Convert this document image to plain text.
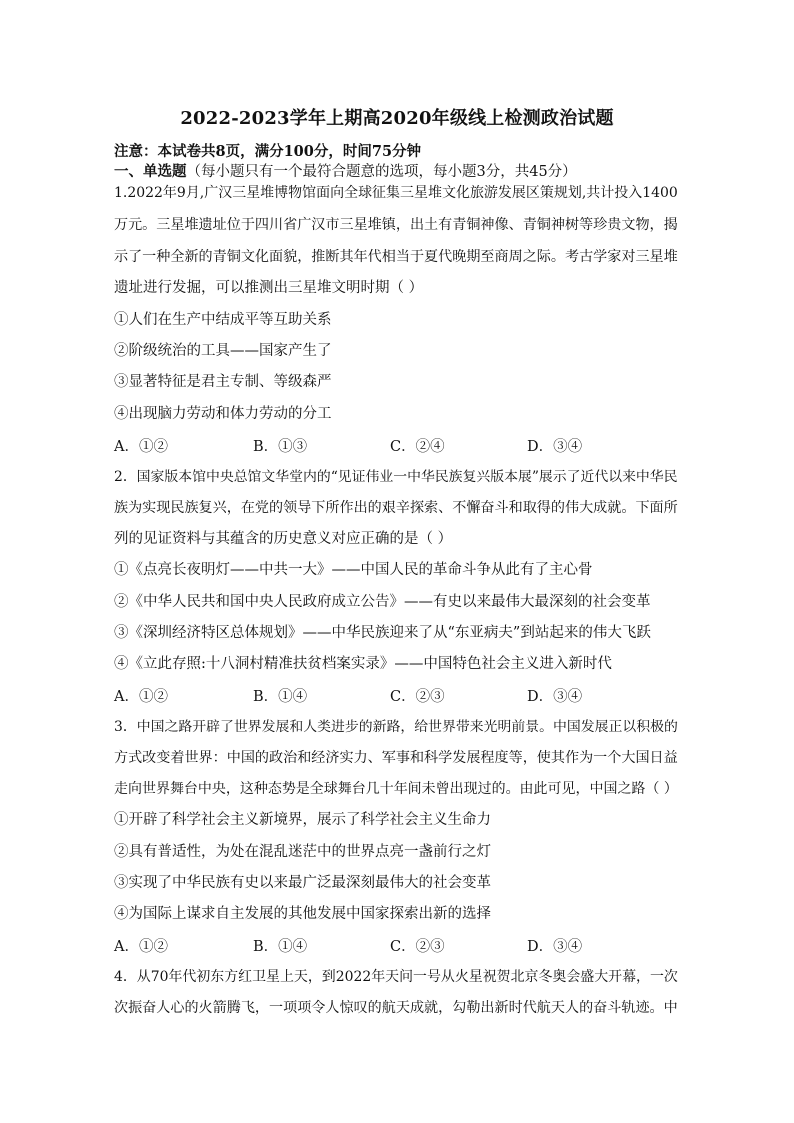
2022-2023学年上期高2020年级线上检测政治试题
注意：本试卷共8页，满分100分，时间75分钟
一、单选题（每小题只有一个最符合题意的选项，每小题3分，共45分）
1.2022年9月,广汉三星堆博物馆面向全球征集三星堆文化旅游发展区策规划,共计投入1400
万元。三星堆遗址位于四川省广汉市三星堆镇，出土有青铜神像、青铜神树等珍贵文物，揭
示了一种全新的青铜文化面貌，推断其年代相当于夏代晚期至商周之际。考古学家对三星堆
遗址进行发掘，可以推测出三星堆文明时期（ ）
①人们在生产中结成平等互助关系
②阶级统治的工具——国家产生了
③显著特征是君主专制、等级森严
④出现脑力劳动和体力劳动的分工
A．①②	B．①③	C．②④	D．③④
2．国家版本馆中央总馆文华堂内的“见证伟业一中华民族复兴版本展”展示了近代以来中华民
族为实现民族复兴，在党的领导下所作出的艰辛探索、不懈奋斗和取得的伟大成就。下面所
列的见证资料与其蕴含的历史意义对应正确的是（ ）
①《点亮长夜明灯——中共一大》——中国人民的革命斗争从此有了主心骨
②《中华人民共和国中央人民政府成立公告》——有史以来最伟大最深刻的社会变革
③《深圳经济特区总体规划》——中华民族迎来了从“东亚病夫”到站起来的伟大飞跃
④《立此存照:十八洞村精准扶贫档案实录》——中国特色社会主义进入新时代
A．①②	B．①④	C．②③	D．③④
3．中国之路开辟了世界发展和人类进步的新路，给世界带来光明前景。中国发展正以积极的
方式改变着世界：中国的政治和经济实力、军事和科学发展程度等，使其作为一个大国日益
走向世界舞台中央，这种态势是全球舞台几十年间未曾出现过的。由此可见，中国之路（ ）
①开辟了科学社会主义新境界，展示了科学社会主义生命力
②具有普适性，为处在混乱迷茫中的世界点亮一盏前行之灯
③实现了中华民族有史以来最广泛最深刻最伟大的社会变革
④为国际上谋求自主发展的其他发展中国家探索出新的选择
A．①②	B．①④	C．②③	D．③④
4．从70年代初东方红卫星上天，到2022年天问一号从火星祝贺北京冬奥会盛大开幕，一次
次振奋人心的火箭腾飞，一项项令人惊叹的航天成就，勾勒出新时代航天人的奋斗轨迹。中
